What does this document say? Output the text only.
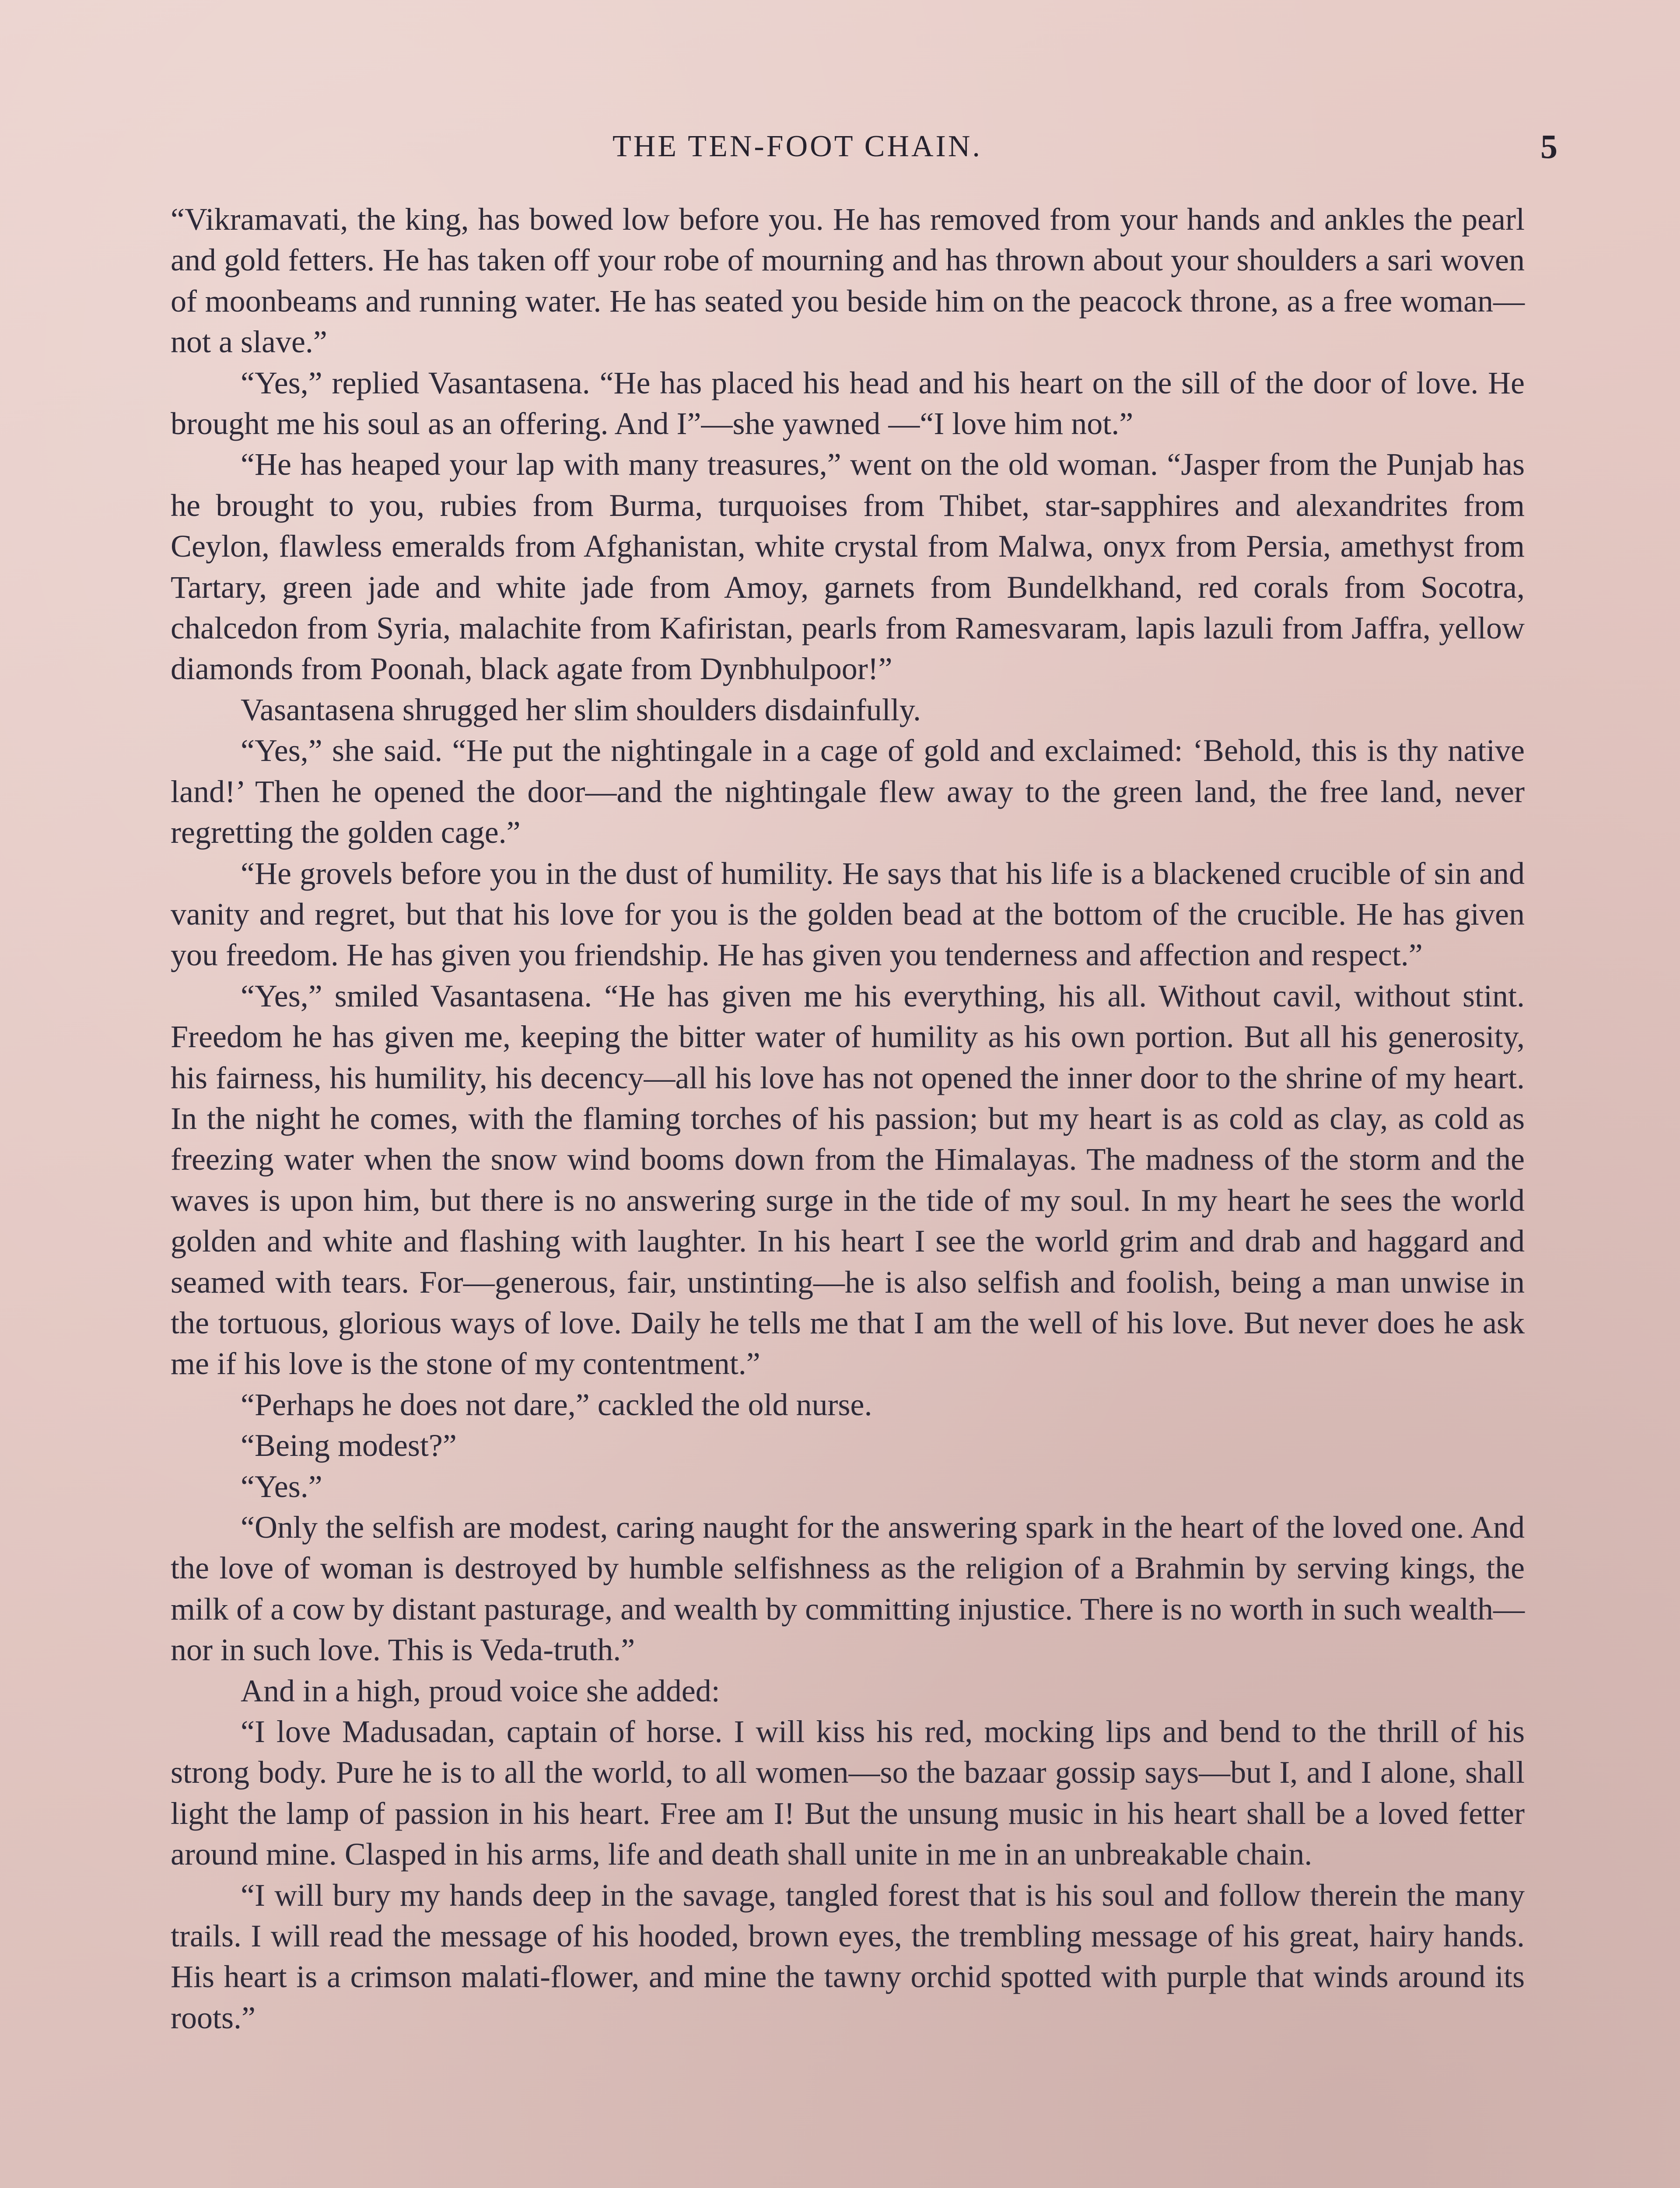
THE TEN-FOOT CHAIN.	5

“Vikramavati, the king, has bowed low before you. He has removed from your hands and ankles the pearl and gold fetters. He has taken off your robe of mourning and has thrown about your shoulders a sari woven of moonbeams and running water. He has seated you beside him on the peacock throne, as a free woman—not a slave.”

“Yes,” replied Vasantasena. “He has placed his head and his heart on the sill of the door of love. He brought me his soul as an offering. And I”—she yawned —“I love him not.”

“He has heaped your lap with many treasures,” went on the old woman. “Jasper from the Punjab has he brought to you, rubies from Burma, turquoises from Thibet, star-sapphires and alexandrites from Ceylon, flawless emeralds from Afghanistan, white crystal from Malwa, onyx from Persia, amethyst from Tartary, green jade and white jade from Amoy, garnets from Bundelkhand, red corals from Socotra, chalcedon from Syria, malachite from Kafiristan, pearls from Ramesvaram, lapis lazuli from Jaffra, yellow diamonds from Poonah, black agate from Dynbhulpoor!”

Vasantasena shrugged her slim shoulders disdainfully.

“Yes,” she said. “He put the nightingale in a cage of gold and exclaimed: ‘Behold, this is thy native land!’ Then he opened the door—and the nightingale flew away to the green land, the free land, never regretting the golden cage.”

“He grovels before you in the dust of humility. He says that his life is a blackened crucible of sin and vanity and regret, but that his love for you is the golden bead at the bottom of the crucible. He has given you freedom. He has given you friendship. He has given you tenderness and affection and respect.”

“Yes,” smiled Vasantasena. “He has given me his everything, his all. Without cavil, without stint. Freedom he has given me, keeping the bitter water of humility as his own portion. But all his generosity, his fairness, his humility, his decency—all his love has not opened the inner door to the shrine of my heart. In the night he comes, with the flaming torches of his passion; but my heart is as cold as clay, as cold as freezing water when the snow wind booms down from the Himalayas. The madness of the storm and the waves is upon him, but there is no answering surge in the tide of my soul. In my heart he sees the world golden and white and flashing with laughter. In his heart I see the world grim and drab and haggard and seamed with tears. For—generous, fair, unstinting—he is also selfish and foolish, being a man unwise in the tortuous, glorious ways of love. Daily he tells me that I am the well of his love. But never does he ask me if his love is the stone of my contentment.”

“Perhaps he does not dare,” cackled the old nurse.

“Being modest?”

“Yes.”

“Only the selfish are modest, caring naught for the answering spark in the heart of the loved one. And the love of woman is destroyed by humble selfishness as the religion of a Brahmin by serving kings, the milk of a cow by distant pasturage, and wealth by committing injustice. There is no worth in such wealth—nor in such love. This is Veda-truth.”

And in a high, proud voice she added:

“I love Madusadan, captain of horse. I will kiss his red, mocking lips and bend to the thrill of his strong body. Pure he is to all the world, to all women—so the bazaar gossip says—but I, and I alone, shall light the lamp of passion in his heart. Free am I! But the unsung music in his heart shall be a loved fetter around mine. Clasped in his arms, life and death shall unite in me in an unbreakable chain.

“I will bury my hands deep in the savage, tangled forest that is his soul and follow therein the many trails. I will read the message of his hooded, brown eyes, the trembling message of his great, hairy hands. His heart is a crimson malati-flower, and mine the tawny orchid spotted with purple that winds around its roots.”
